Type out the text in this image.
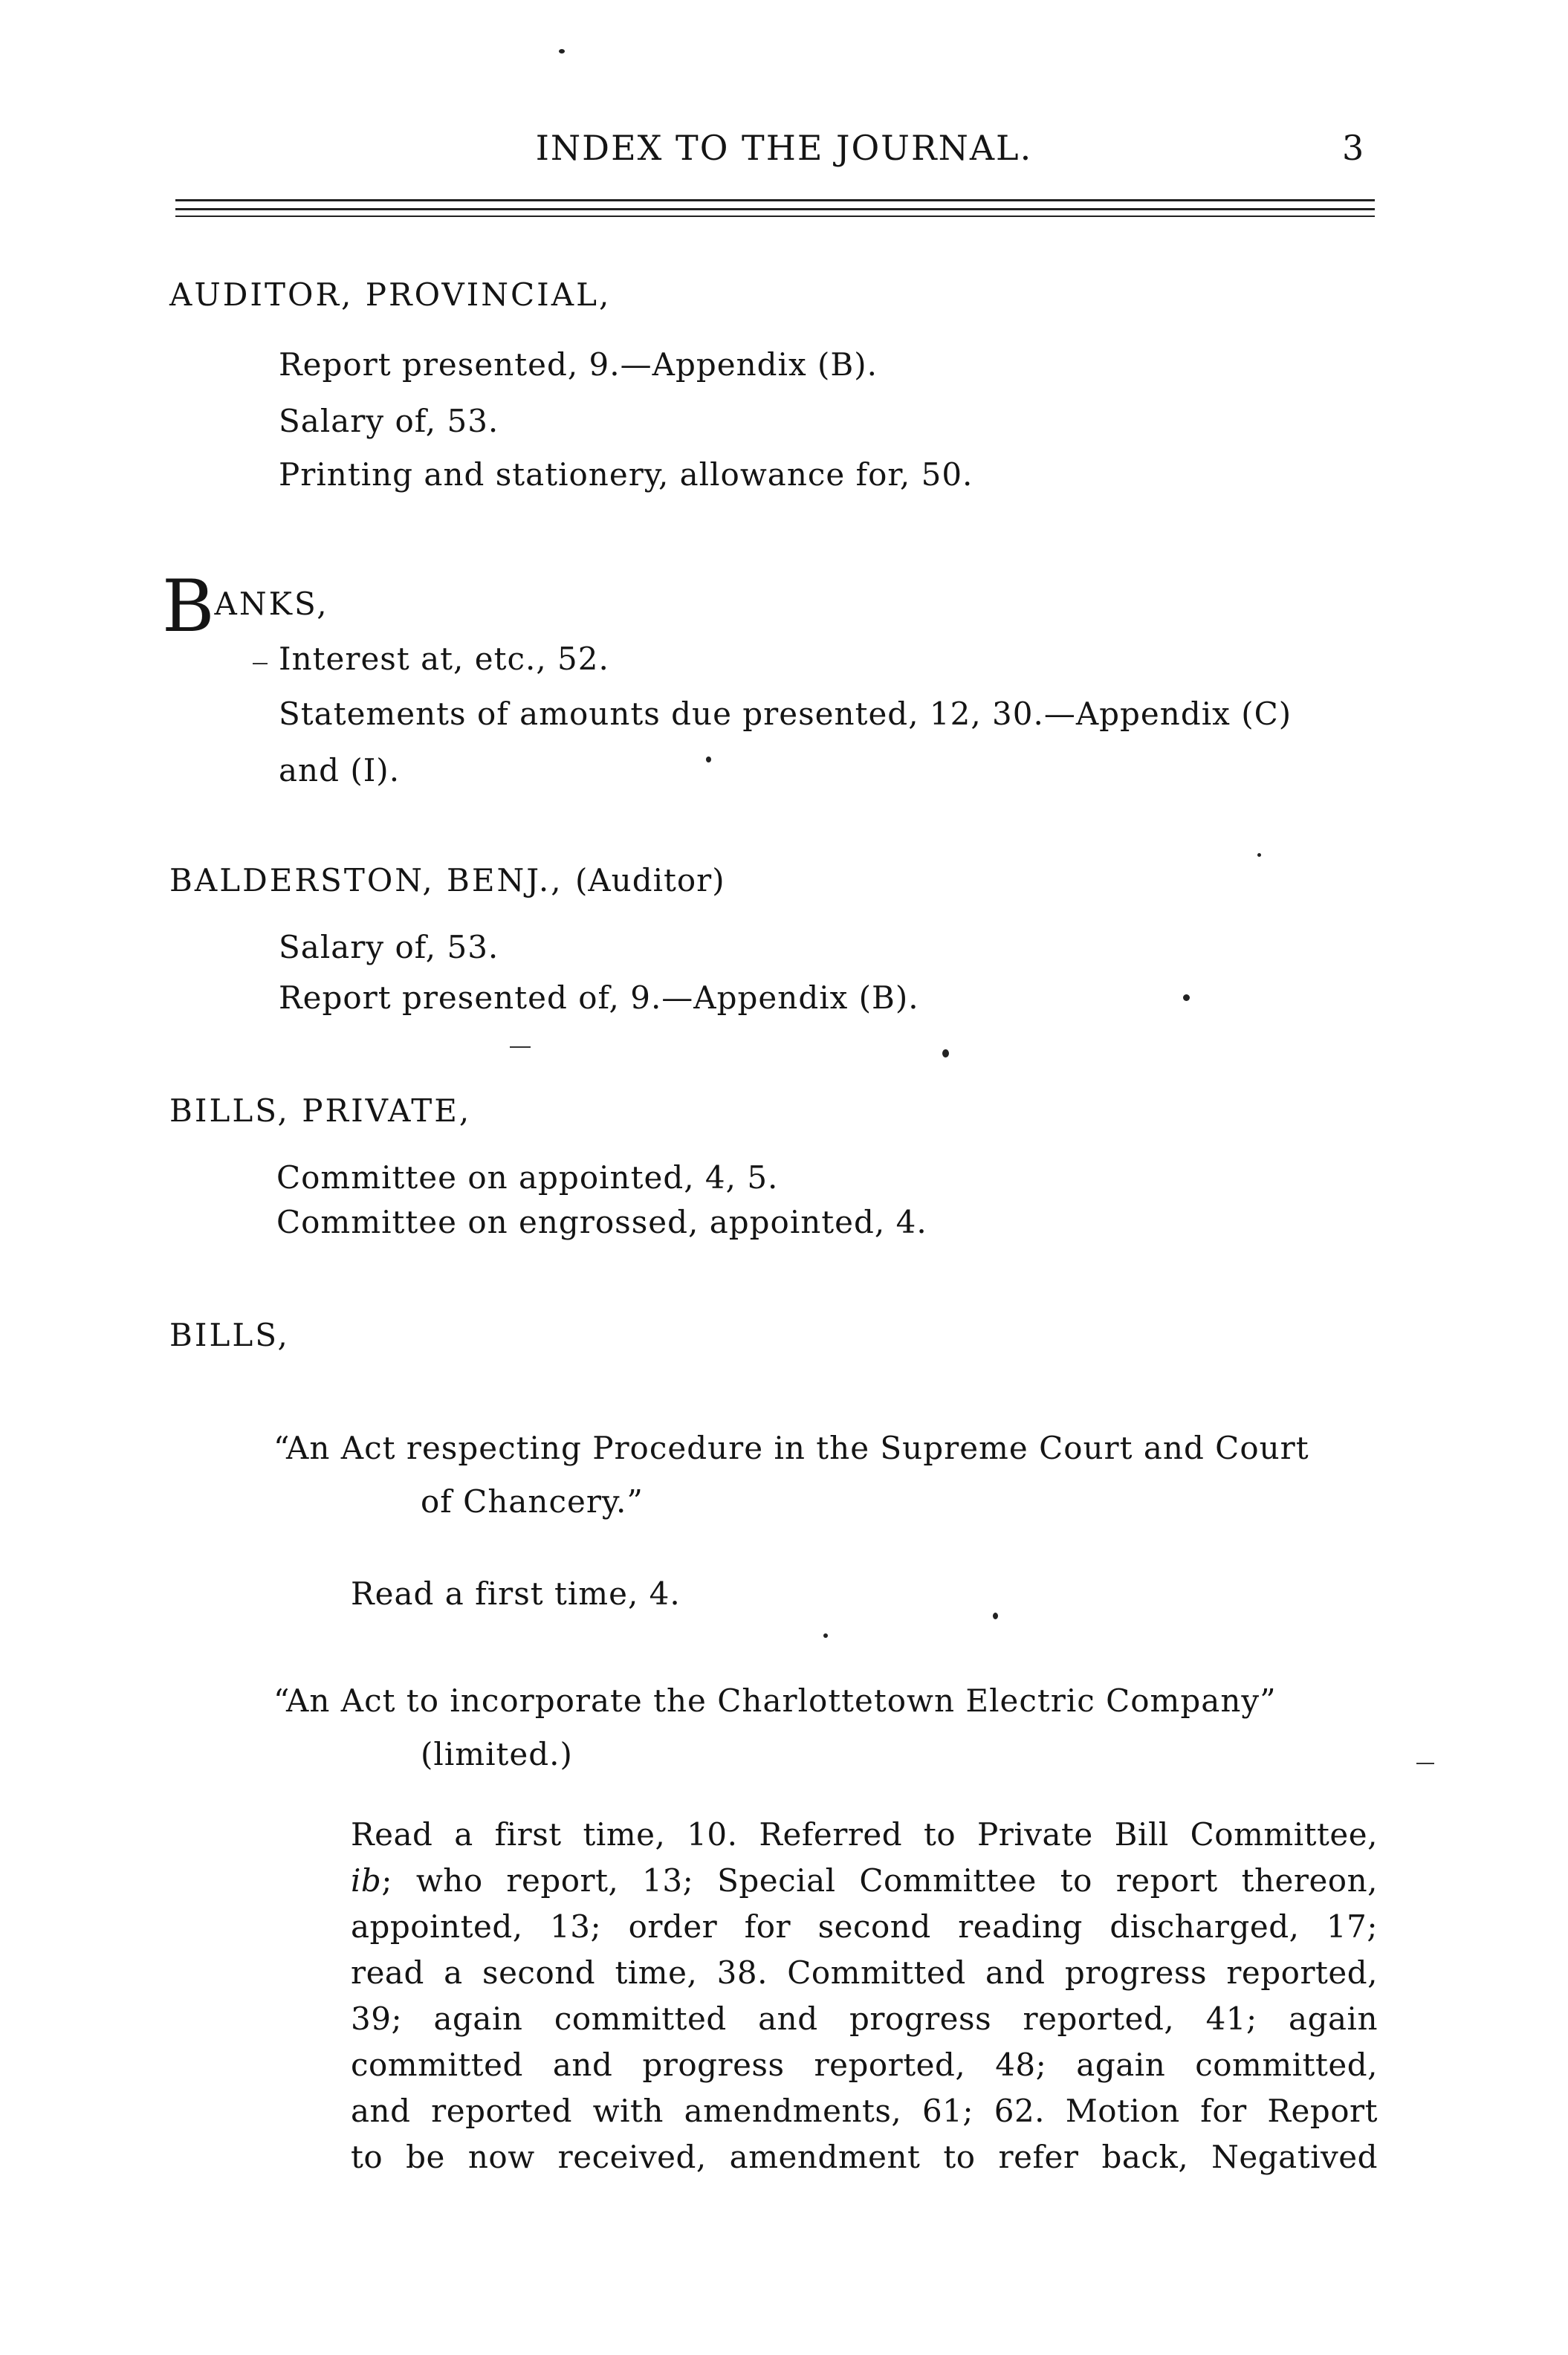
INDEX TO THE JOURNAL.	3
AUDITOR, PROVINCIAL,
Report presented, 9.—Appendix (B).
Salary of, 53.
Printing and stationery, allowance for, 50.
BANKS,
Interest at, etc., 52.
Statements of amounts due presented, 12, 30.—Appendix (C)
and (I).
BALDERSTON, BENJ., (Auditor)
Salary of, 53.
Report presented of, 9.—Appendix (B).
BILLS, PRIVATE,
Committee on appointed, 4, 5.
Committee on engrossed, appointed, 4.
BILLS,
“An Act respecting Procedure in the Supreme Court and Court
of Chancery.”
Read a first time, 4.
“An Act to incorporate the Charlottetown Electric Company”
(limited.)
Read a first time, 10. Referred to Private Bill Committee,
ib; who report, 13; Special Committee to report thereon,
appointed, 13; order for second reading discharged, 17;
read a second time, 38. Committed and progress reported,
39; again committed and progress reported, 41; again
committed and progress reported, 48; again committed,
and reported with amendments, 61; 62. Motion for Report
to be now received, amendment to refer back, Negatived
